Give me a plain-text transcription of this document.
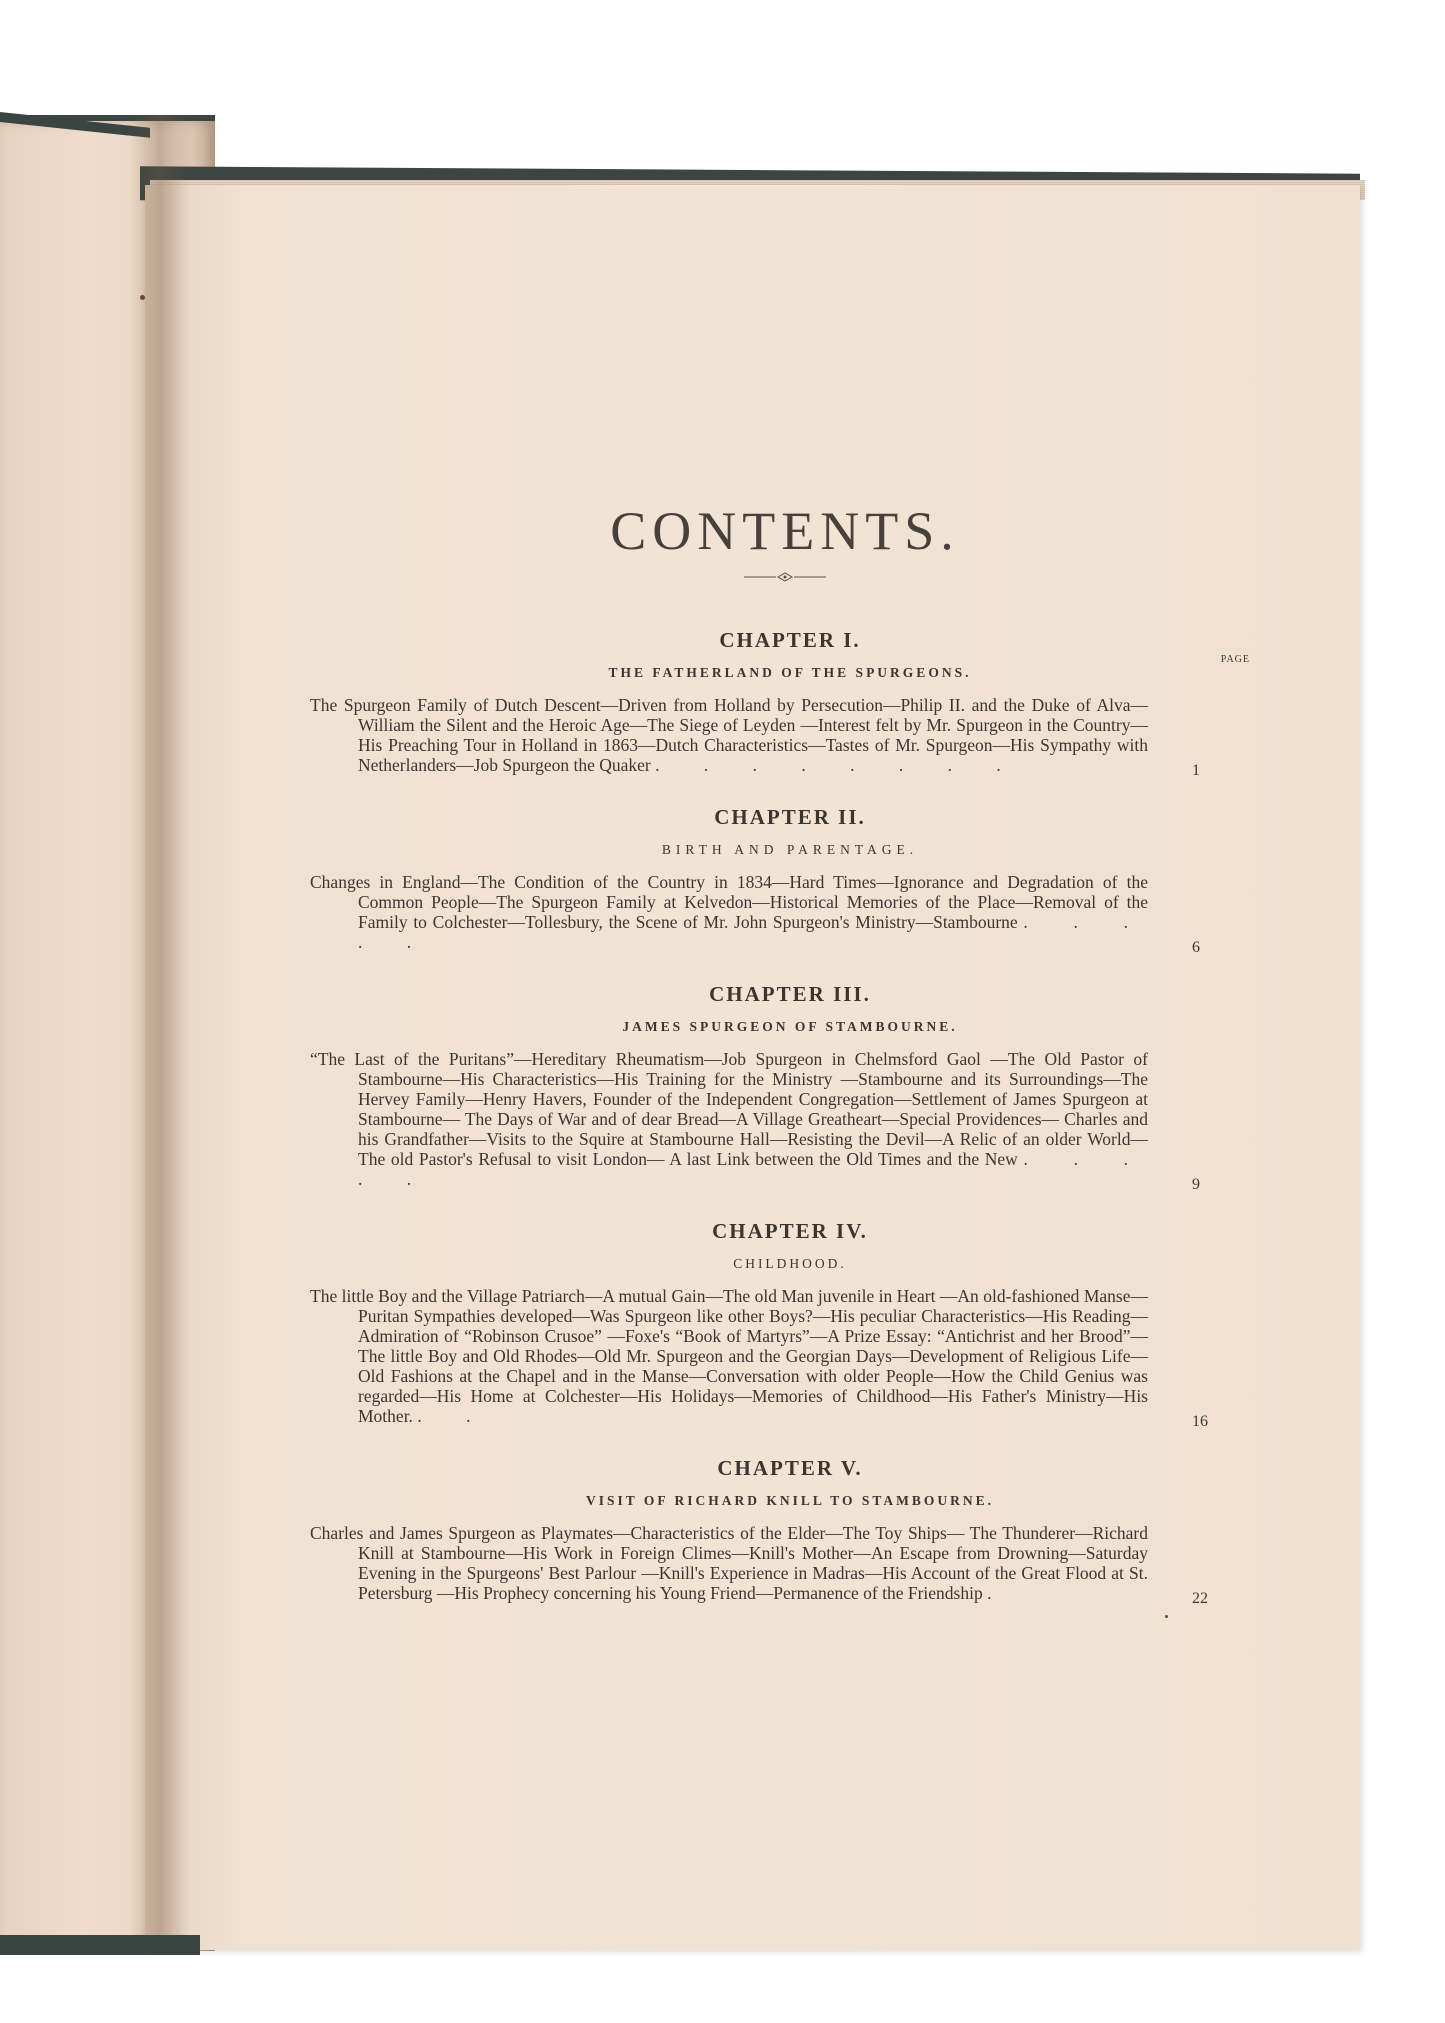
CONTENTS.
CHAPTER I.
THE FATHERLAND OF THE SPURGEONS.
PAGE
The Spurgeon Family of Dutch Descent—Driven from Holland by Persecution—Philip II. and the Duke of Alva—William the Silent and the Heroic Age—The Siege of Leyden —Interest felt by Mr. Spurgeon in the Country—His Preaching Tour in Holland in 1863—Dutch Characteristics—Tastes of Mr. Spurgeon—His Sympathy with Netherlanders—Job Spurgeon the Quaker . . . . . . . .
CHAPTER II.
BIRTH AND PARENTAGE.
Changes in England—The Condition of the Country in 1834—Hard Times—Ignorance and Degradation of the Common People—The Spurgeon Family at Kelvedon—Historical Memories of the Place—Removal of the Family to Colchester—Tollesbury, the Scene of Mr. John Spurgeon's Ministry—Stambourne . . . . .
CHAPTER III.
JAMES SPURGEON OF STAMBOURNE.
“The Last of the Puritans”—Hereditary Rheumatism—Job Spurgeon in Chelmsford Gaol —The Old Pastor of Stambourne—His Characteristics—His Training for the Ministry —Stambourne and its Surroundings—The Hervey Family—Henry Havers, Founder of the Independent Congregation—Settlement of James Spurgeon at Stambourne— The Days of War and of dear Bread—A Village Greatheart—Special Providences— Charles and his Grandfather—Visits to the Squire at Stambourne Hall—Resisting the Devil—A Relic of an older World—The old Pastor's Refusal to visit London— A last Link between the Old Times and the New . . . . .
CHAPTER IV.
CHILDHOOD.
The little Boy and the Village Patriarch—A mutual Gain—The old Man juvenile in Heart —An old-fashioned Manse—Puritan Sympathies developed—Was Spurgeon like other Boys?—His peculiar Characteristics—His Reading—Admiration of “Robinson Crusoe” —Foxe's “Book of Martyrs”—A Prize Essay: “Antichrist and her Brood”—The little Boy and Old Rhodes—Old Mr. Spurgeon and the Georgian Days—Development of Religious Life—Old Fashions at the Chapel and in the Manse—Conversation with older People—How the Child Genius was regarded—His Home at Colchester—His Holidays—Memories of Childhood—His Father's Ministry—His Mother. . .
CHAPTER V.
VISIT OF RICHARD KNILL TO STAMBOURNE.
Charles and James Spurgeon as Playmates—Characteristics of the Elder—The Toy Ships— The Thunderer—Richard Knill at Stambourne—His Work in Foreign Climes—Knill's Mother—An Escape from Drowning—Saturday Evening in the Spurgeons' Best Parlour —Knill's Experience in Madras—His Account of the Great Flood at St. Petersburg —His Prophecy concerning his Young Friend—Permanence of the Friendship .
